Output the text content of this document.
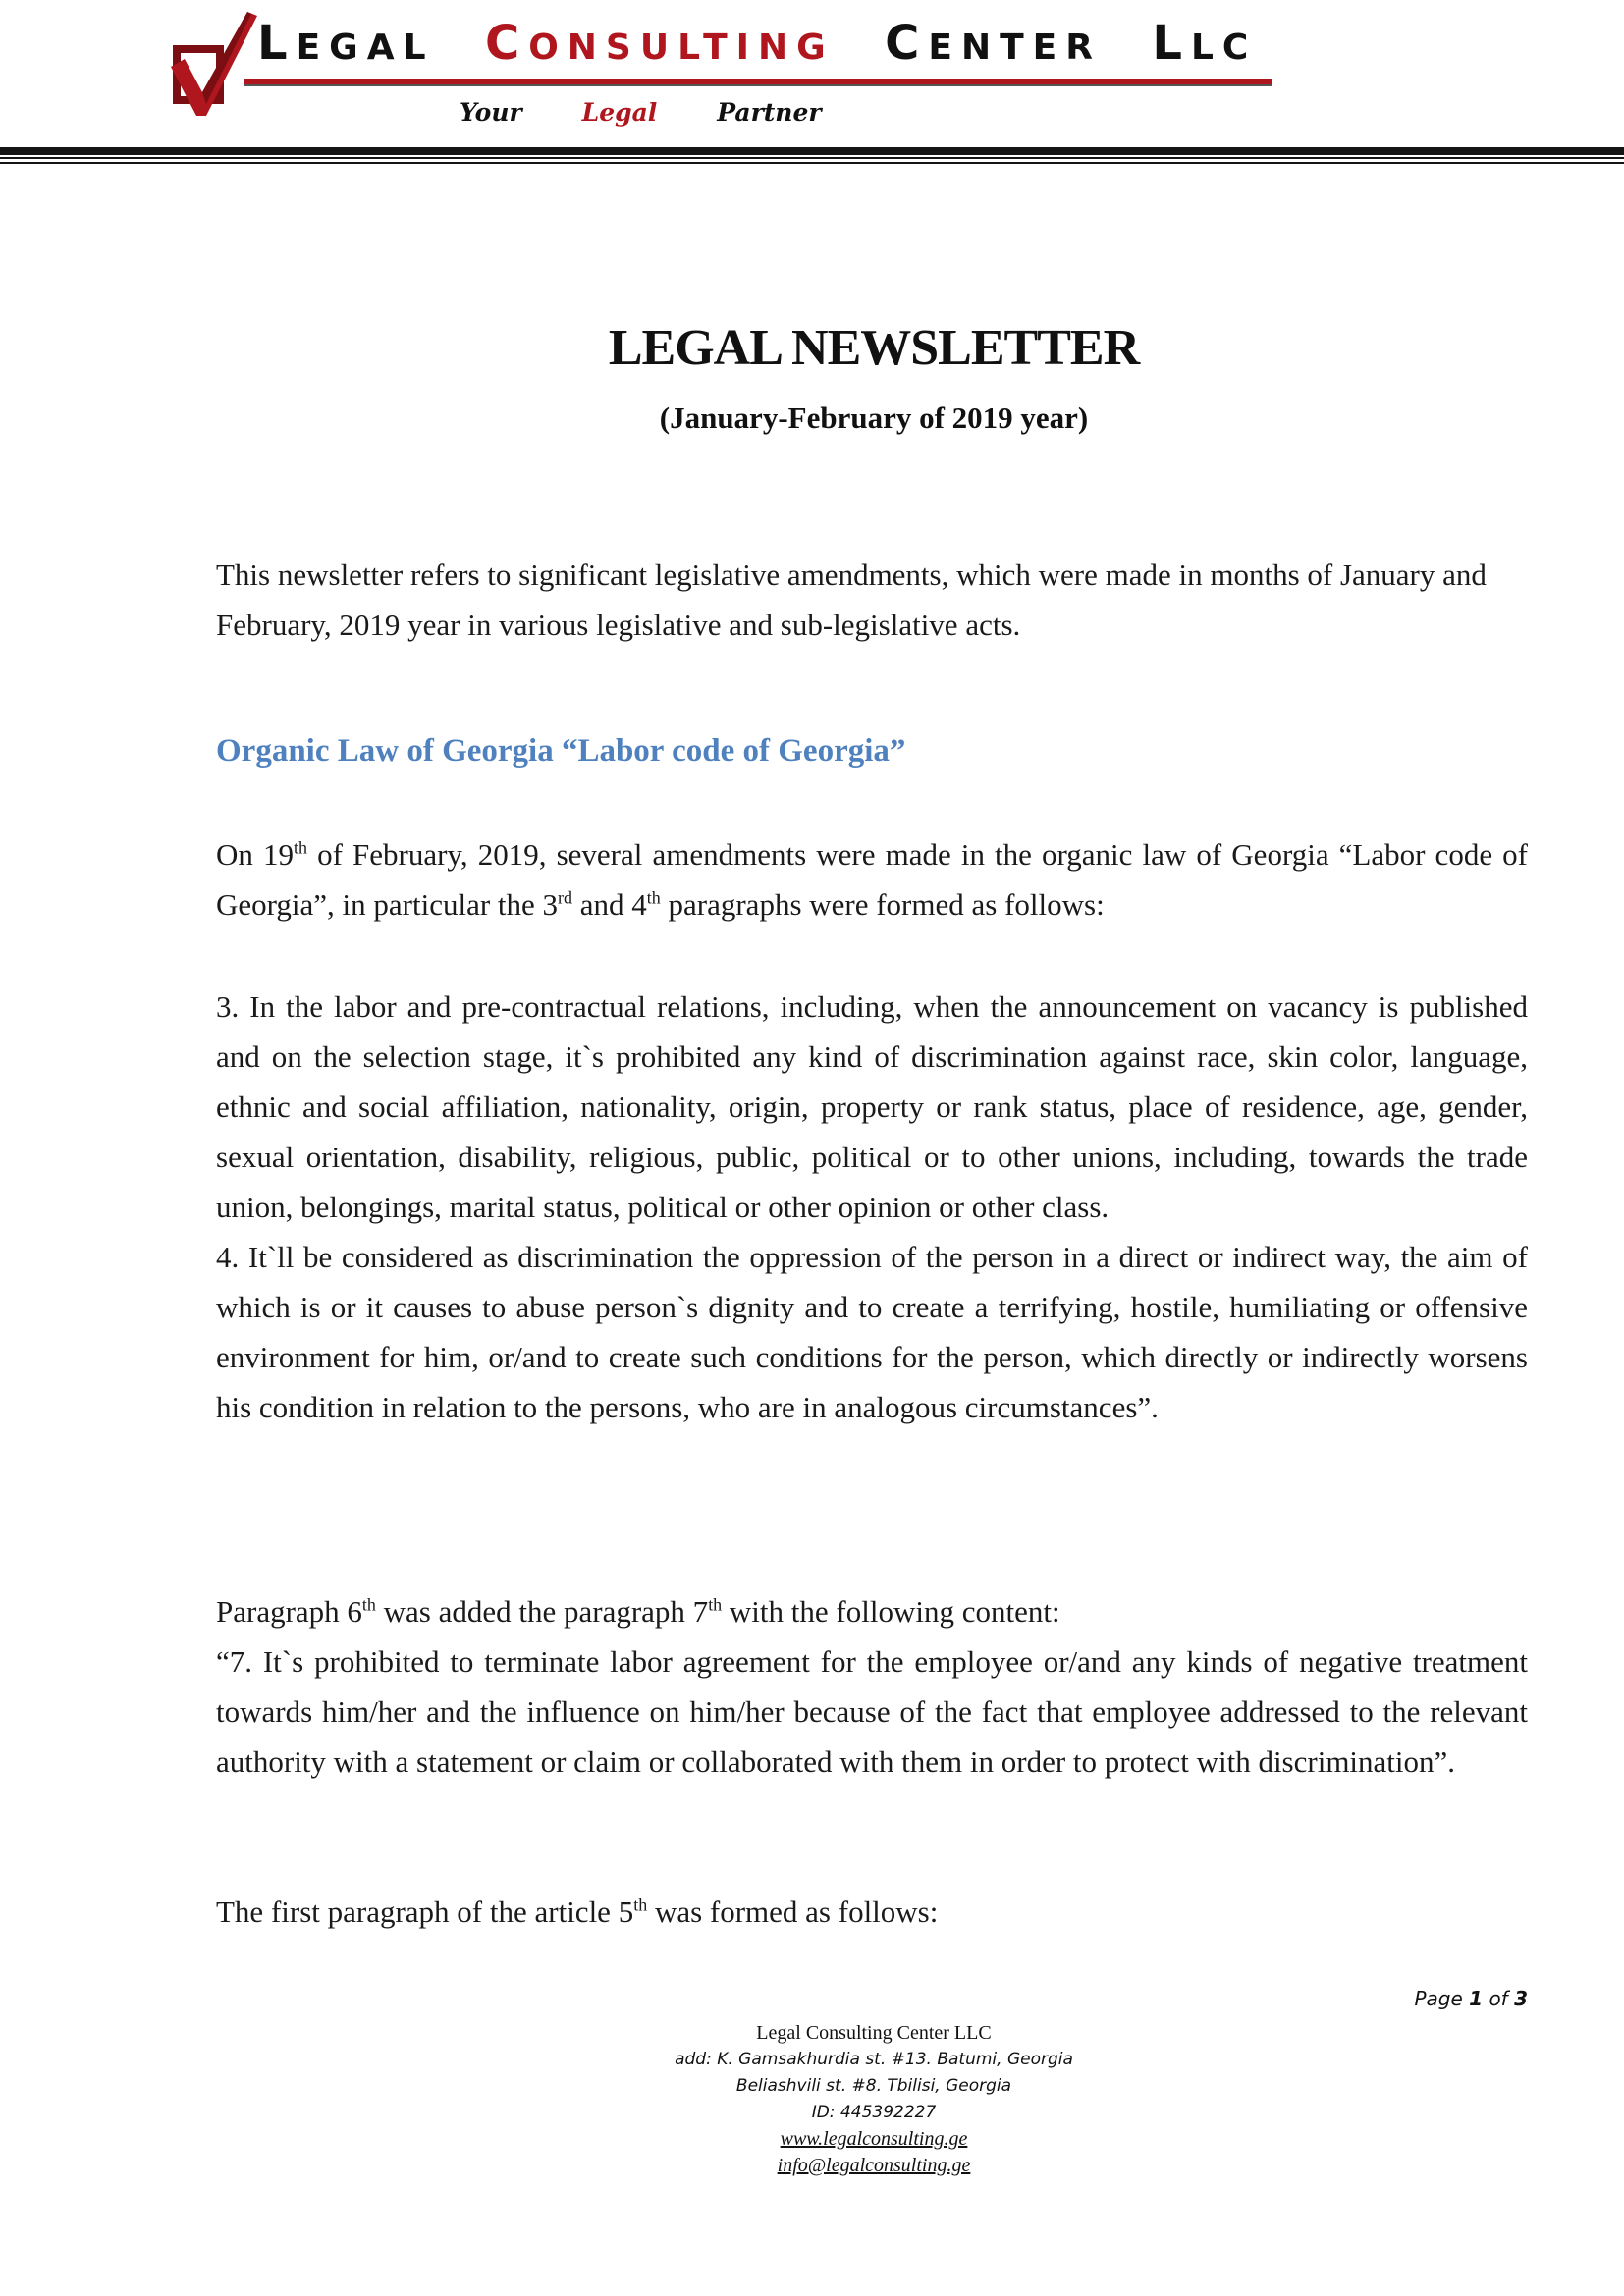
LEGAL CONSULTING CENTER LLC
Your Legal Partner
LEGAL NEWSLETTER
(January-February of 2019 year)

This newsletter refers to significant legislative amendments, which were made in months of January and February, 2019 year in various legislative and sub-legislative acts.

Organic Law of Georgia “Labor code of Georgia”

On 19th of February, 2019, several amendments were made in the organic law of Georgia “Labor code of Georgia”, in particular the 3rd and 4th paragraphs were formed as follows:

3. In the labor and pre-contractual relations, including, when the announcement on vacancy is published and on the selection stage, it`s prohibited any kind of discrimination against race, skin color, language, ethnic and social affiliation, nationality, origin, property or rank status, place of residence, age, gender, sexual orientation, disability, religious, public, political or to other unions, including, towards the trade union, belongings, marital status, political or other opinion or other class.
4. It`ll be considered as discrimination the oppression of the person in a direct or indirect way, the aim of which is or it causes to abuse person`s dignity and to create a terrifying, hostile, humiliating or offensive environment for him, or/and to create such conditions for the person, which directly or indirectly worsens his condition in relation to the persons, who are in analogous circumstances”.
Paragraph 6th was added the paragraph 7th with the following content:
“7. It`s prohibited to terminate labor agreement for the employee or/and any kinds of negative treatment towards him/her and the influence on him/her because of the fact that employee addressed to the relevant authority with a statement or claim or collaborated with them in order to protect with discrimination”.

The first paragraph of the article 5th was formed as follows:

Page 1 of 3
Legal Consulting Center LLC
add: K. Gamsakhurdia st. #13. Batumi, Georgia
Beliashvili st. #8. Tbilisi, Georgia
ID: 445392227
www.legalconsulting.ge
info@legalconsulting.ge
